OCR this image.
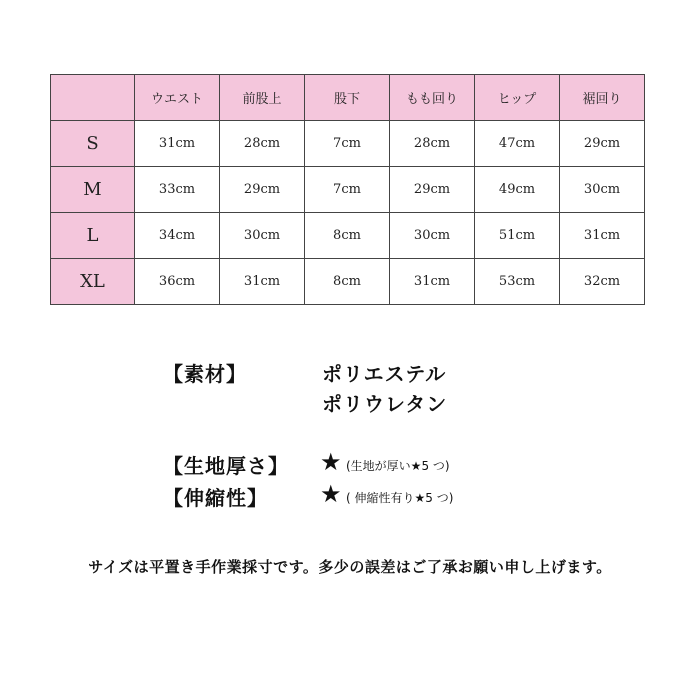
	ウエスト	前股上	股下	もも回り	ヒップ	裾回り
S	31cm	28cm	7cm	28cm	47cm	29cm
M	33cm	29cm	7cm	29cm	49cm	30cm
L	34cm	30cm	8cm	30cm	51cm	31cm
XL	36cm	31cm	8cm	31cm	53cm	32cm
【素材】	ポリエステル
ポリウレタン
【生地厚さ】 ★ (生地が厚い★5 つ)
【伸縮性】 ★ ( 伸縮性有り★5 つ)
サイズは平置き手作業採寸です。多少の誤差はご了承お願い申し上げます。
